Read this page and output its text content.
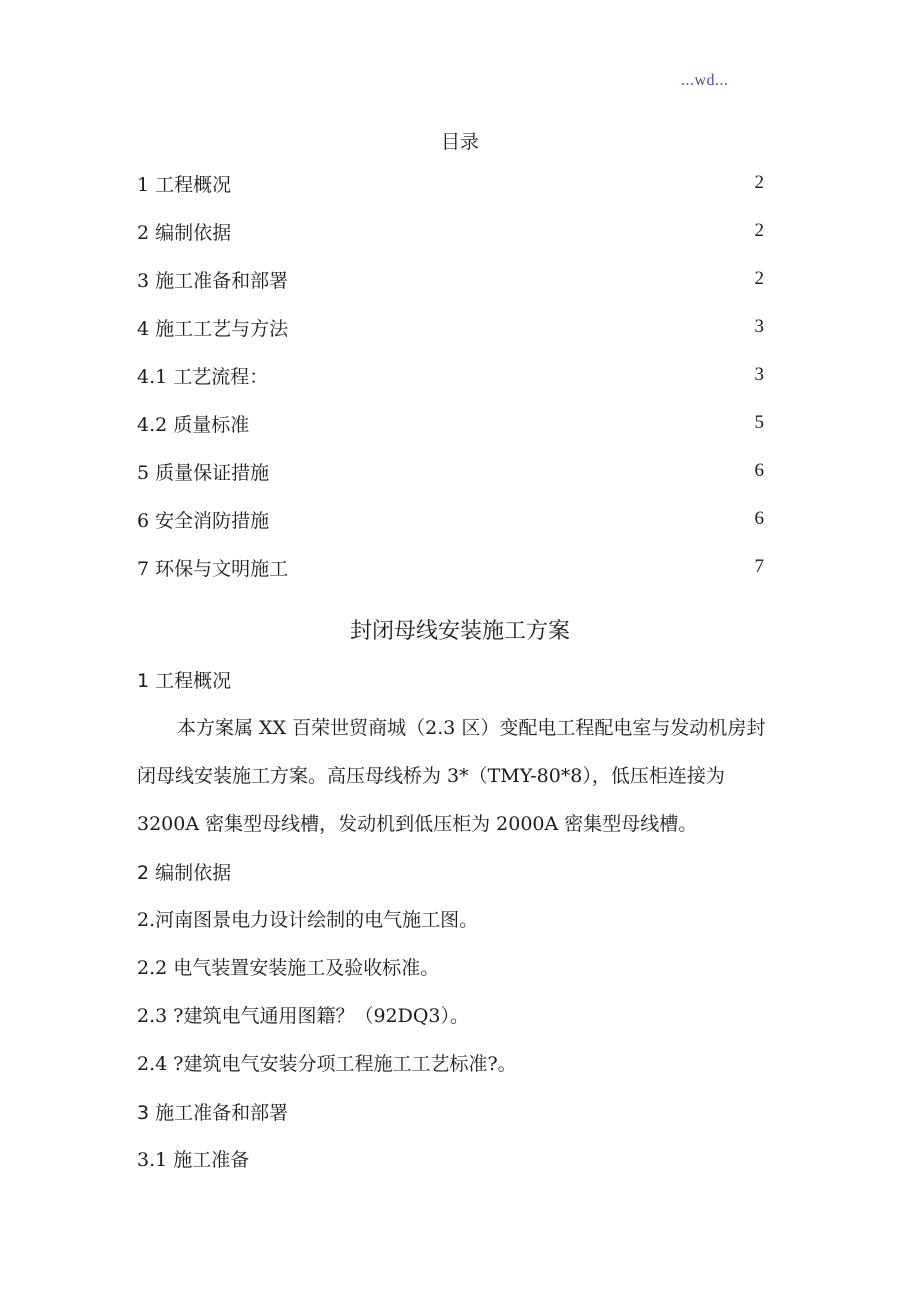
...wd...
目录
1 工程概况	2
2 编制依据	2
3 施工准备和部署	2
4 施工工艺与方法	3
4.1 工艺流程：	3
4.2 质量标准	5
5 质量保证措施	6
6 安全消防措施	6
7 环保与文明施工	7
封闭母线安装施工方案
1 工程概况
本方案属 XX 百荣世贸商城（2.3 区）变配电工程配电室与发动机房封
闭母线安装施工方案。高压母线桥为 3*（TMY-80*8），低压柜连接为
3200A 密集型母线槽，发动机到低压柜为 2000A 密集型母线槽。
2 编制依据
2.河南图景电力设计绘制的电气施工图。
2.2 电气装置安装施工及验收标准。
2.3 ?建筑电气通用图籍？（92DQ3）。
2.4 ?建筑电气安装分项工程施工工艺标准?。
3 施工准备和部署
3.1 施工准备
